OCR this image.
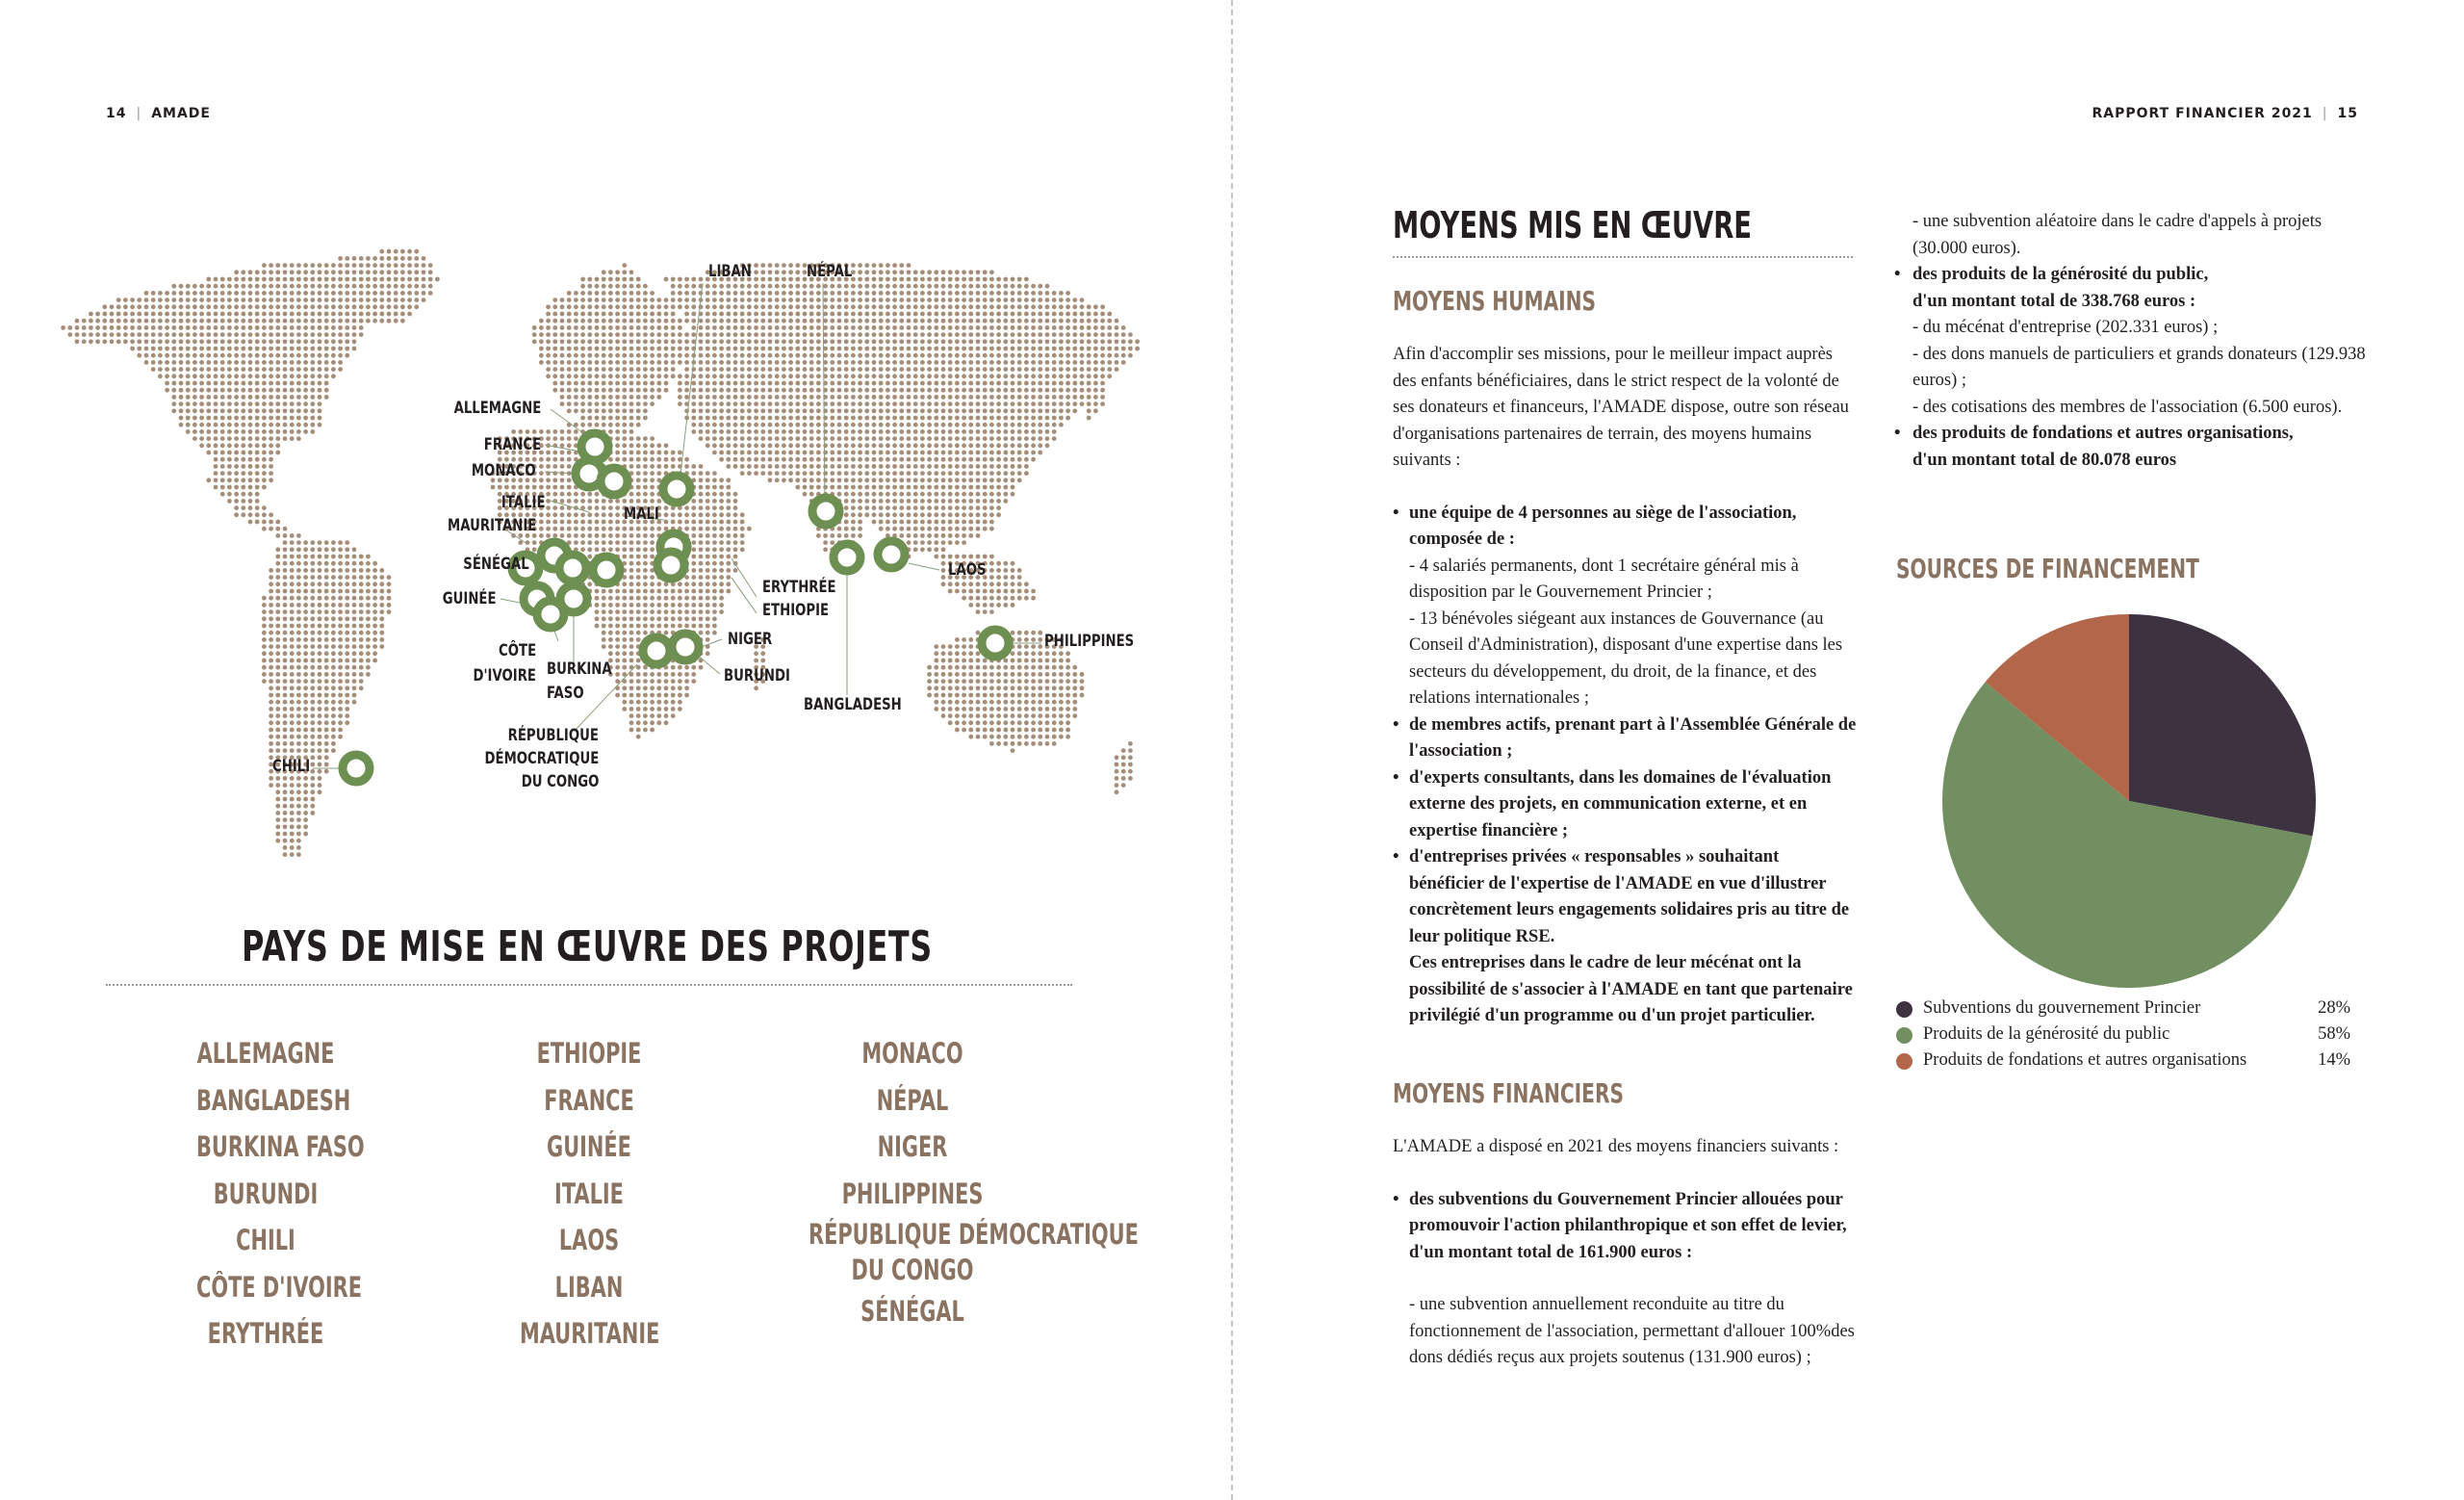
14 | AMADE
LIBAN	NÉPAL
ALLEMAGNE
FRANCE
MONACO
ITALIE
MALI
MAURITANIE
SÉNÉGAL
GUINÉE
LAOS
ERYTHRÉE
ETHIOPIE
PHILIPPINES
CÔTE
D'IVOIRE BURKINA
FASO
NIGER
BURUNDI
BANGLADESH
RÉPUBLIQUE
DÉMOCRATIQUE
DU CONGO
CHILI
PAYS DE MISE EN ŒUVRE DES PROJETS
ALLEMAGNE
BANGLADESH
BURKINA FASO
BURUNDI
CHILI
CÔTE D'IVOIRE
ERYTHRÉE
ETHIOPIE
FRANCE
GUINÉE
ITALIE
LAOS
LIBAN
MAURITANIE
MONACO
NÉPAL
NIGER
PHILIPPINES
RÉPUBLIQUE DÉMOCRATIQUE
DU CONGO
SÉNÉGAL
RAPPORT FINANCIER 2021 | 15
MOYENS MIS EN ŒUVRE
MOYENS HUMAINS
Afin d'accomplir ses missions, pour le meilleur impact auprès des enfants bénéficiaires, dans le strict respect de la volonté de ses donateurs et financeurs, l'AMADE dispose, outre son réseau d'organisations partenaires de terrain, des moyens humains suivants :
• une équipe de 4 personnes au siège de l'association, composée de :
- 4 salariés permanents, dont 1 secrétaire général mis à disposition par le Gouvernement Princier ;
- 13 bénévoles siégeant aux instances de Gouvernance (au Conseil d'Administration), disposant d'une expertise dans les secteurs du développement, du droit, de la finance, et des relations internationales ;
• de membres actifs, prenant part à l'Assemblée Générale de l'association ;
• d'experts consultants, dans les domaines de l'évaluation externe des projets, en communication externe, et en expertise financière ;
• d'entreprises privées « responsables » souhaitant bénéficier de l'expertise de l'AMADE en vue d'illustrer concrètement leurs engagements solidaires pris au titre de leur politique RSE.
Ces entreprises dans le cadre de leur mécénat ont la possibilité de s'associer à l'AMADE en tant que partenaire privilégié d'un programme ou d'un projet particulier.
MOYENS FINANCIERS
L'AMADE a disposé en 2021 des moyens financiers suivants :
• des subventions du Gouvernement Princier allouées pour promouvoir l'action philanthropique et son effet de levier, d'un montant total de 161.900 euros :
- une subvention annuellement reconduite au titre du fonctionnement de l'association, permettant d'allouer 100%des dons dédiés reçus aux projets soutenus (131.900 euros) ;
- une subvention aléatoire dans le cadre d'appels à projets (30.000 euros).
• des produits de la générosité du public,
d'un montant total de 338.768 euros :
- du mécénat d'entreprise (202.331 euros) ;
- des dons manuels de particuliers et grands donateurs (129.938 euros) ;
- des cotisations des membres de l'association (6.500 euros).
• des produits de fondations et autres organisations,
d'un montant total de 80.078 euros
SOURCES DE FINANCEMENT
Subventions du gouvernement Princier	28%
Produits de la générosité du public	58%
Produits de fondations et autres organisations	14%
